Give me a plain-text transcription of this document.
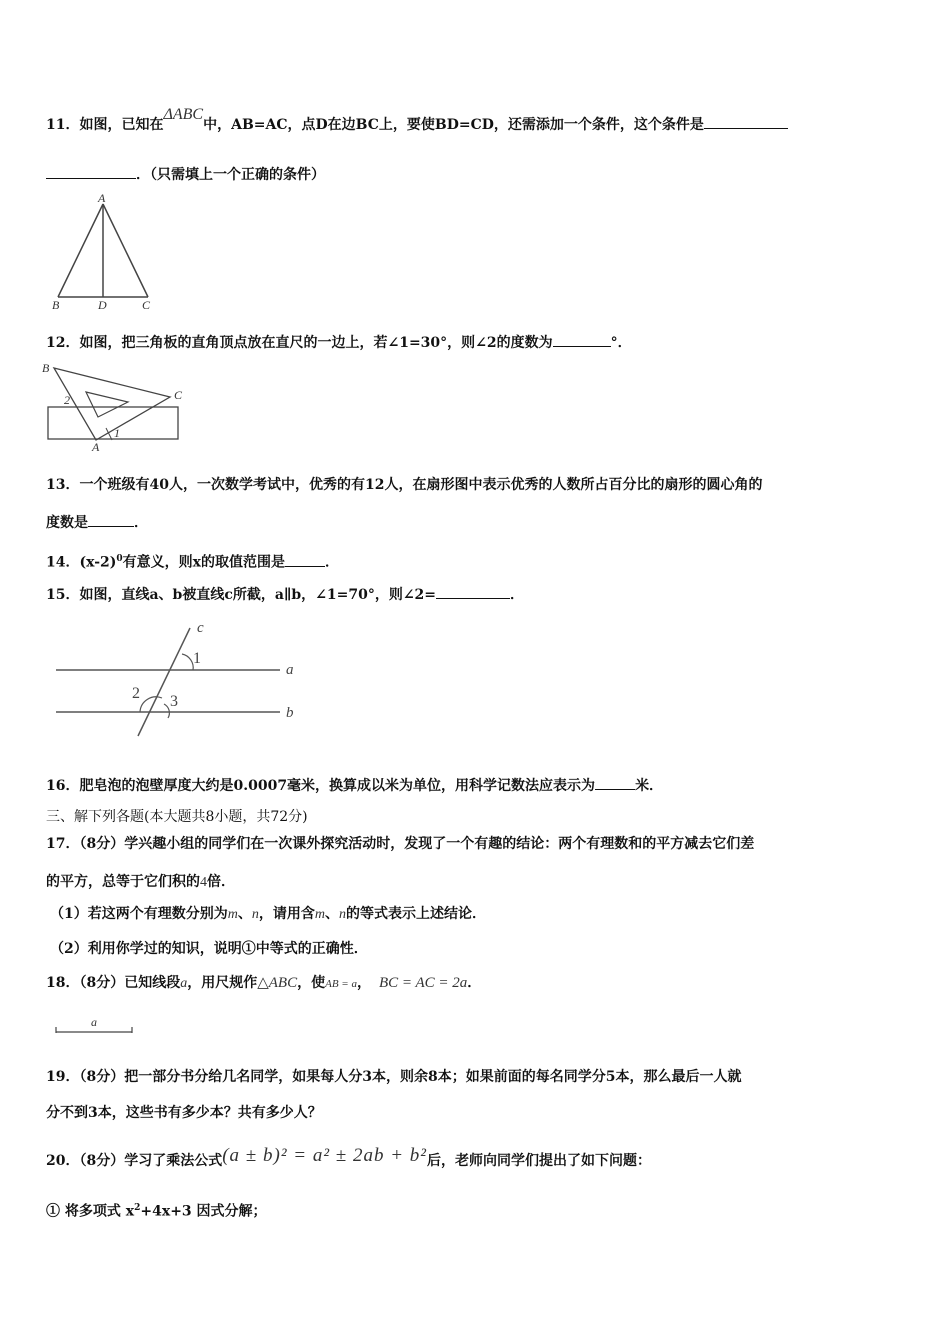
11．如图，已知在ΔABC中，AB=AC，点D在边BC上，要使BD=CD，还需添加一个条件，这个条件是
．（只需填上一个正确的条件）
A
B	D	C
12．如图，把三角板的直角顶点放在直尺的一边上，若∠1=30°，则∠2的度数为	°．
B
C
A
1
2
13．一个班级有40人，一次数学考试中，优秀的有12人，在扇形图中表示优秀的人数所占百分比的扇形的圆心角的
度数是	．
14．$(x-2)^0$有意义，则x的取值范围是	．
15．如图，直线a、b被直线c所截，a∥b，∠1=70°，则∠2=	．
c
a
b
1
2 3
16．肥皂泡的泡壁厚度大约是0.0007毫米，换算成以米为单位，用科学记数法应表示为	米．
三、解下列各题(本大题共8小题，共72分)
17．（8分）学兴趣小组的同学们在一次课外探究活动时，发现了一个有趣的结论：两个有理数和的平方减去它们差
的平方，总等于它们积的4倍．
（1）若这两个有理数分别为m、n，请用含m、n的等式表示上述结论．
（2）利用你学过的知识，说明①中等式的正确性．
18．（8分）已知线段a，用尺规作△ABC，使AB = a， BC = AC = 2a．
a
19．（8分）把一部分书分给几名同学，如果每人分3本，则余8本；如果前面的每名同学分5本，那么最后一人就
分不到3本，这些书有多少本？共有多少人？
20．（8分）学习了乘法公式(a ± b)² = a² ± 2ab + b²后，老师向同学们提出了如下问题：
① 将多项式 $x^2+4x+3$ 因式分解；
